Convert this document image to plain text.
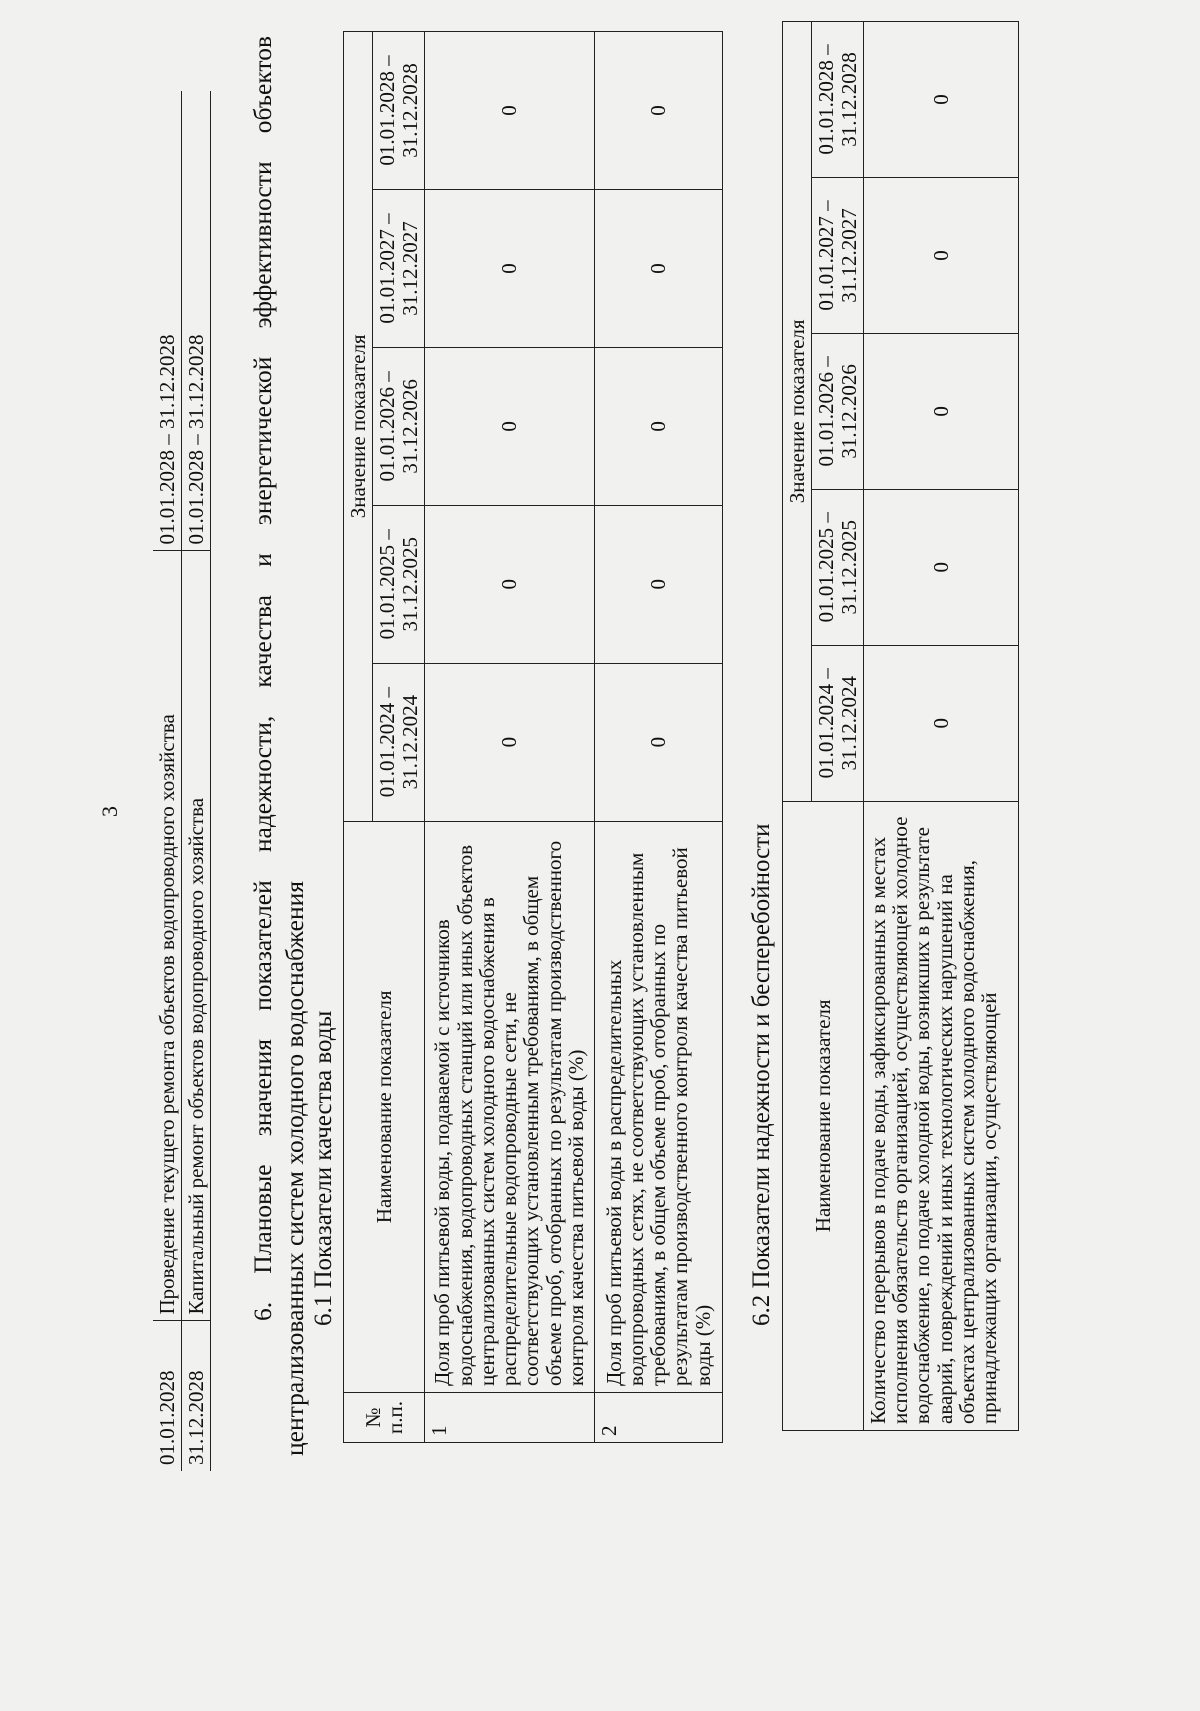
3
01.01.2028	Проведение текущего ремонта объектов водопроводного хозяйства	01.01.2028 – 31.12.2028
31.12.2028	Капитальный ремонт объектов водопроводного хозяйства	01.01.2028 – 31.12.2028 6. Плановые значения показателей надежности, качества и энергетической эффективности объектов централизованных систем холодного водоснабжения 6.1 Показатели качества воды
№ п.п.	Наименование показателя	Значение показателя				
		01.01.2024 – 31.12.2024	01.01.2025 – 31.12.2025	01.01.2026 – 31.12.2026	01.01.2027 – 31.12.2027	01.01.2028 – 31.12.2028
1	Доля проб питьевой воды, подаваемой с источников водоснабжения, водопроводных станций или иных объектов централизованных систем холодного водоснабжения в распределительные водопроводные сети, не соответствующих установленным требованиям, в общем объеме проб, отобранных по результатам производственного контроля качества питьевой воды (%)	0	0	0	0	0
2	Доля проб питьевой воды в распределительных водопроводных сетях, не соответствующих установленным требованиям, в общем объеме проб, отобранных по результатам производственного контроля качества питьевой воды (%)	0	0	0	0	0
6.2 Показатели надежности и бесперебойности Наименование показателя	Значение показателя				
	01.01.2024 – 31.12.2024	01.01.2025 – 31.12.2025	01.01.2026 – 31.12.2026	01.01.2027 – 31.12.2027	01.01.2028 – 31.12.2028
Количество перерывов в подаче воды, зафиксированных в местах исполнения обязательств организацией, осуществляющей холодное водоснабжение, по подаче холодной воды, возникших в результате аварий, повреждений и иных технологических нарушений на объектах централизованных систем холодного водоснабжения, принадлежащих организации, осуществляющей	0	0	0	0	0
